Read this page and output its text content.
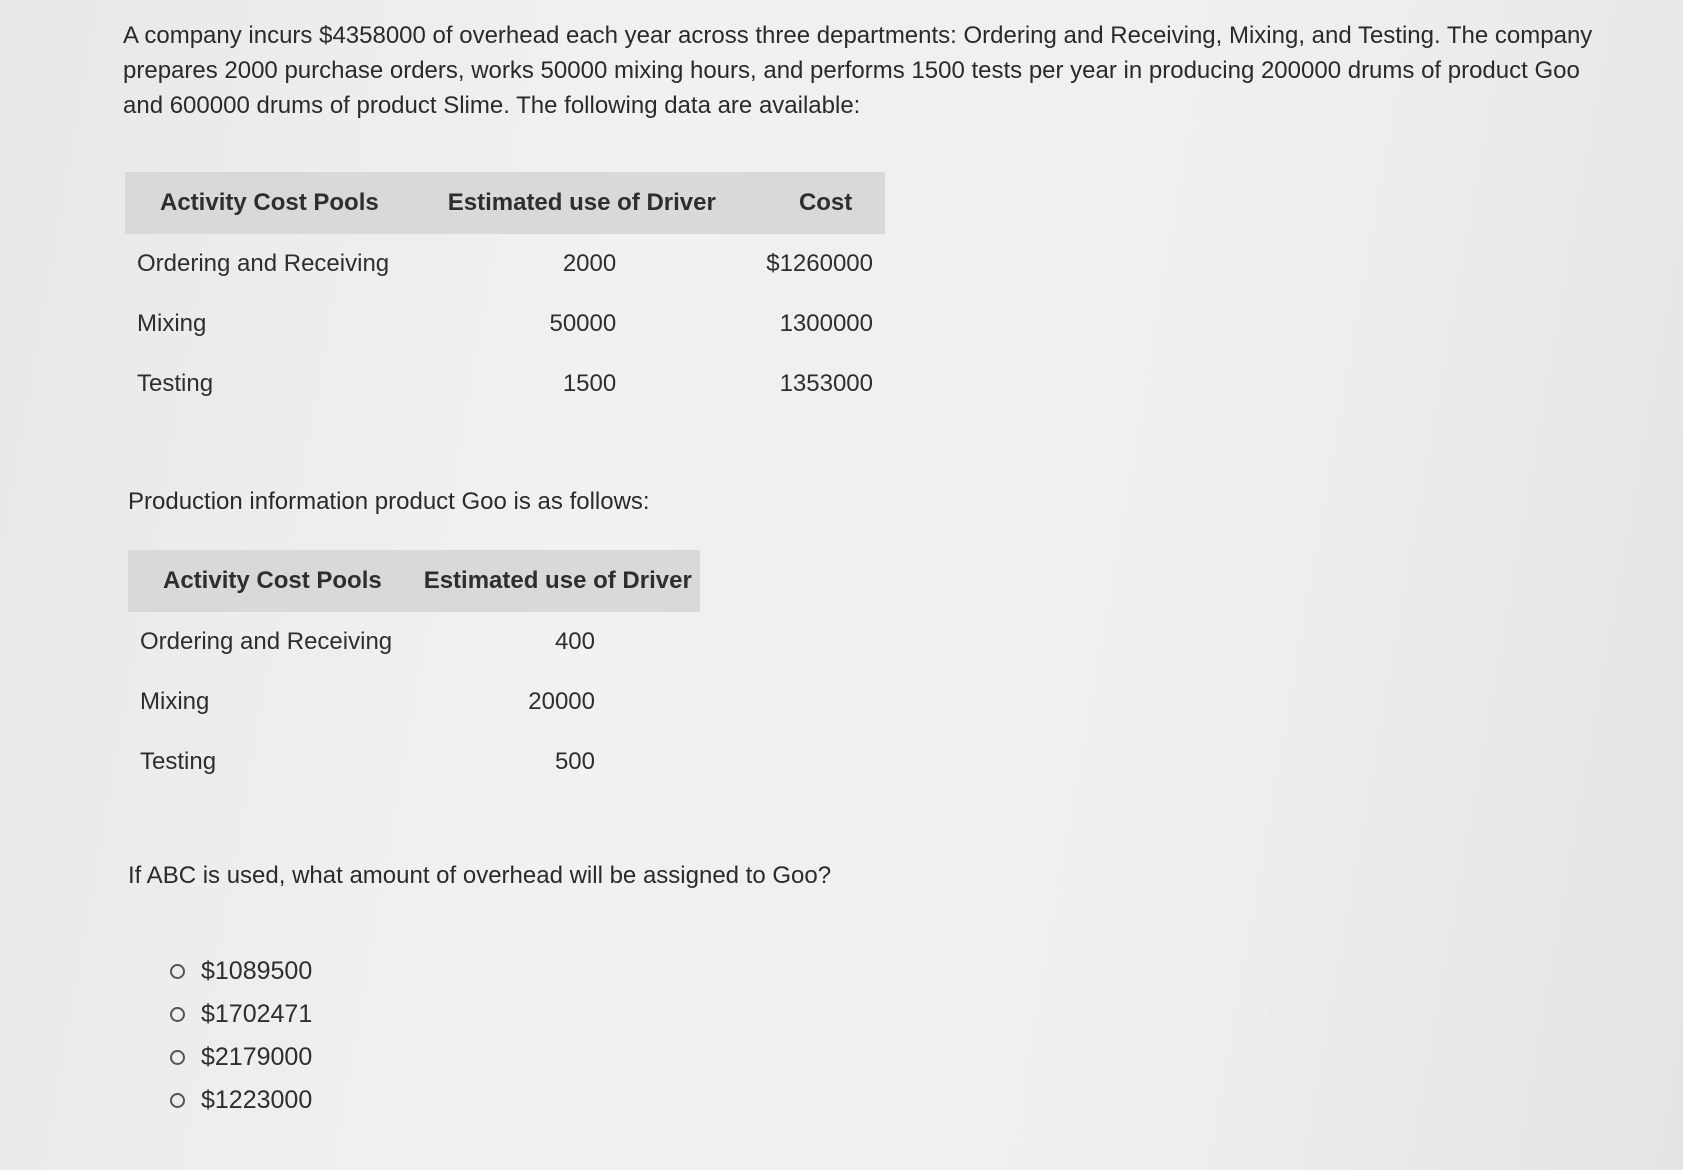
A company incurs $4358000 of overhead each year across three departments: Ordering and Receiving, Mixing, and Testing. The company prepares 2000 purchase orders, works 50000 mixing hours, and performs 1500 tests per year in producing 200000 drums of product Goo and 600000 drums of product Slime. The following data are available:

Activity Cost Pools	Estimated use of Driver	Cost
Ordering and Receiving	2000	$1260000
Mixing	50000	1300000
Testing	1500	1353000

Production information product Goo is as follows:

Activity Cost Pools	Estimated use of Driver
Ordering and Receiving	400
Mixing	20000
Testing	500

If ABC is used, what amount of overhead will be assigned to Goo?

$1089500
$1702471
$2179000
$1223000
